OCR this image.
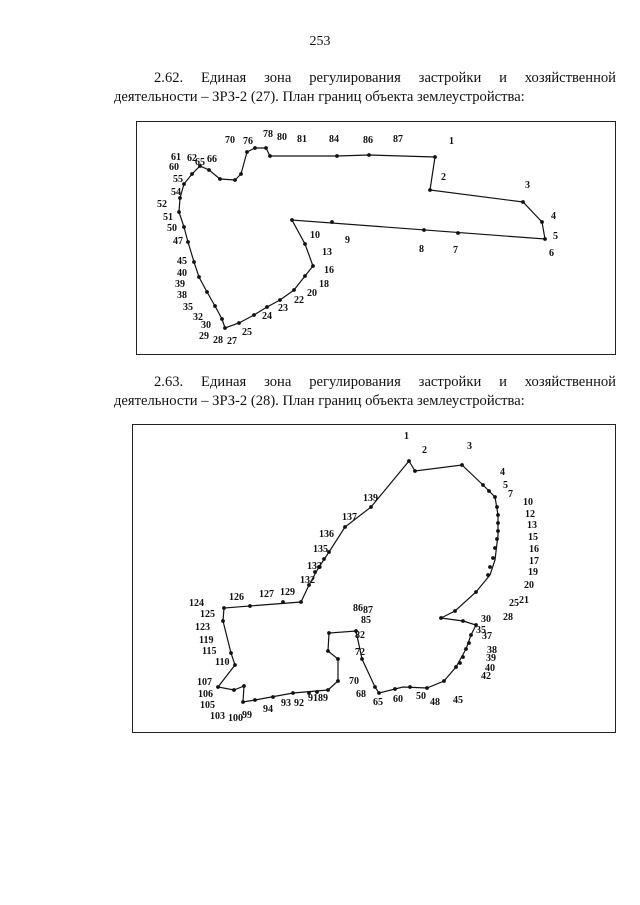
253

2.62. Единая зона регулирования застройки и хозяйственной
деятельности – ЗРЗ-2 (27). План границ объекта землеустройства:

1
2
3
4
5
6
7
8
9
10
13
16
18
20
22
23
24
25
27
28
29
30
32
35
38
39
40
45
47
50
51
52
54
55
60
61 62
65 66
70 76
78 80 81 84 86 87

2.63. Единая зона регулирования застройки и хозяйственной
деятельности – ЗРЗ-2 (28). План границ объекта землеустройства:

1
2	3
4
5
7
10
12
13
15
16
17
19
20
21
25
28
30
35
37
38
39
40
42
45
48
50
60
65
68
70
72
82
85
86 87
89
91
92
93
94
99
100
103
105
106
107
110
115
119
123
124
125
126 127 129
132
133
135
136
137
139
